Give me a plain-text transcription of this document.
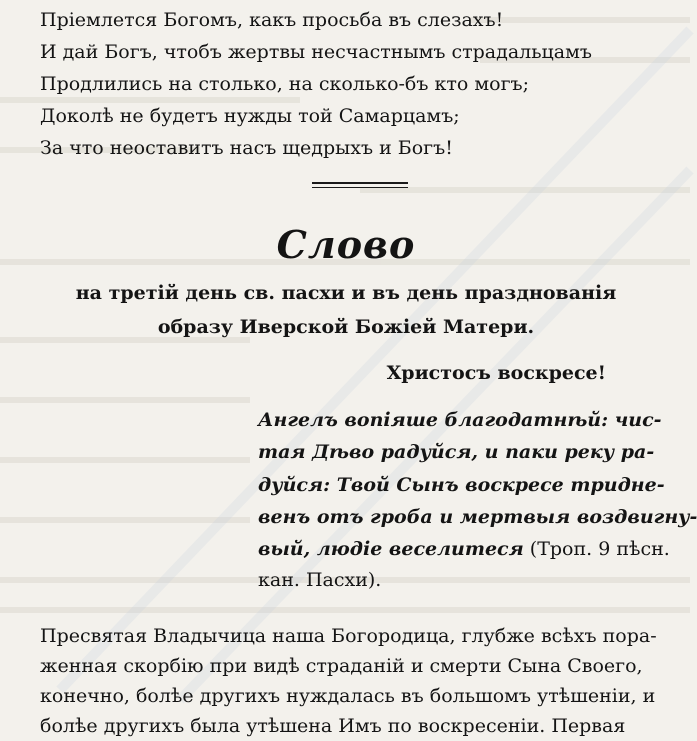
Пріемлется Богомъ, какъ просьба въ слезахъ!
И дай Богъ, чтобъ жертвы несчастнымъ страдальцамъ
Продлились на столько, на сколько-бъ кто могъ;
Доколѣ не будетъ нужды той Самарцамъ;
За что неоставитъ насъ щедрыхъ и Богъ!
Слово
на третій день св. пасхи и въ день празднованія
образу Иверской Божіей Матери.
Христосъ воскресе!
Ангелъ вопіяше благодатнѣй: чис-
тая Дѣво радуйся, и паки реку ра-
дуйся: Твой Сынъ воскресе тридне-
венъ отъ гроба и мертвыя воздвигну-
вый, людіе веселитеся (Троп. 9 пѣсн.
кан. Пасхи).
Пресвятая Владычица наша Богородица, глубже всѣхъ пора-
женная скорбію при видѣ страданій и смерти Сына Своего,
конечно, болѣе другихъ нуждалась въ большомъ утѣшеніи, и
болѣе другихъ была утѣшена Имъ по воскресеніи. Первая
